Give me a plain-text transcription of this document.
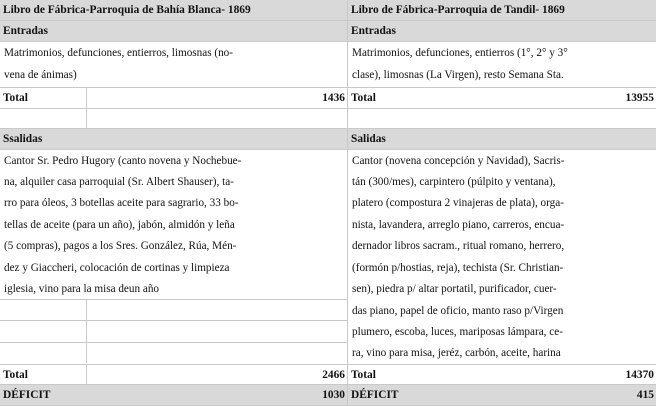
Libro de Fábrica-Parroquia de Bahía Blanca- 1869
Entradas
Matrimonios, defunciones, entierros, limosnas (no-
vena de ánimas)
Total	1436
Ssalidas
Cantor Sr. Pedro Hugory (canto novena y Nochebue-
na, alquiler casa parroquial (Sr. Albert Shauser), ta-
rro para óleos, 3 botellas aceite para sagrario, 33 bo-
tellas de aceite (para un año), jabón, almidón y leña
(5 compras), pagos a los Sres. González, Rúa, Mén-
dez y Giaccheri, colocación de cortinas y limpieza
iglesia, vino para la misa deun año
Total	2466
DÉFICIT	1030
Libro de Fábrica-Parroquia de Tandil- 1869
Entradas
Matrimonios, defunciones, entierros (1°, 2° y 3°
clase), limosnas (La Virgen), resto Semana Sta.
Total	13955
Salidas
Cantor (novena concepción y Navidad), Sacris-
tán (300/mes), carpintero (púlpito y ventana),
platero (compostura 2 vinajeras de plata), orga-
nista, lavandera, arreglo piano, carreros, encua-
dernador libros sacram., ritual romano, herrero,
(formón p/hostias, reja), techista (Sr. Christian-
sen), piedra p/ altar portatil, purificador, cuer-
das piano, papel de oficio, manto raso p/Virgen
plumero, escoba, luces, mariposas lámpara, ce-
ra, vino para misa, jeréz, carbón, aceite, harina
Total	14370
DÉFICIT	415
